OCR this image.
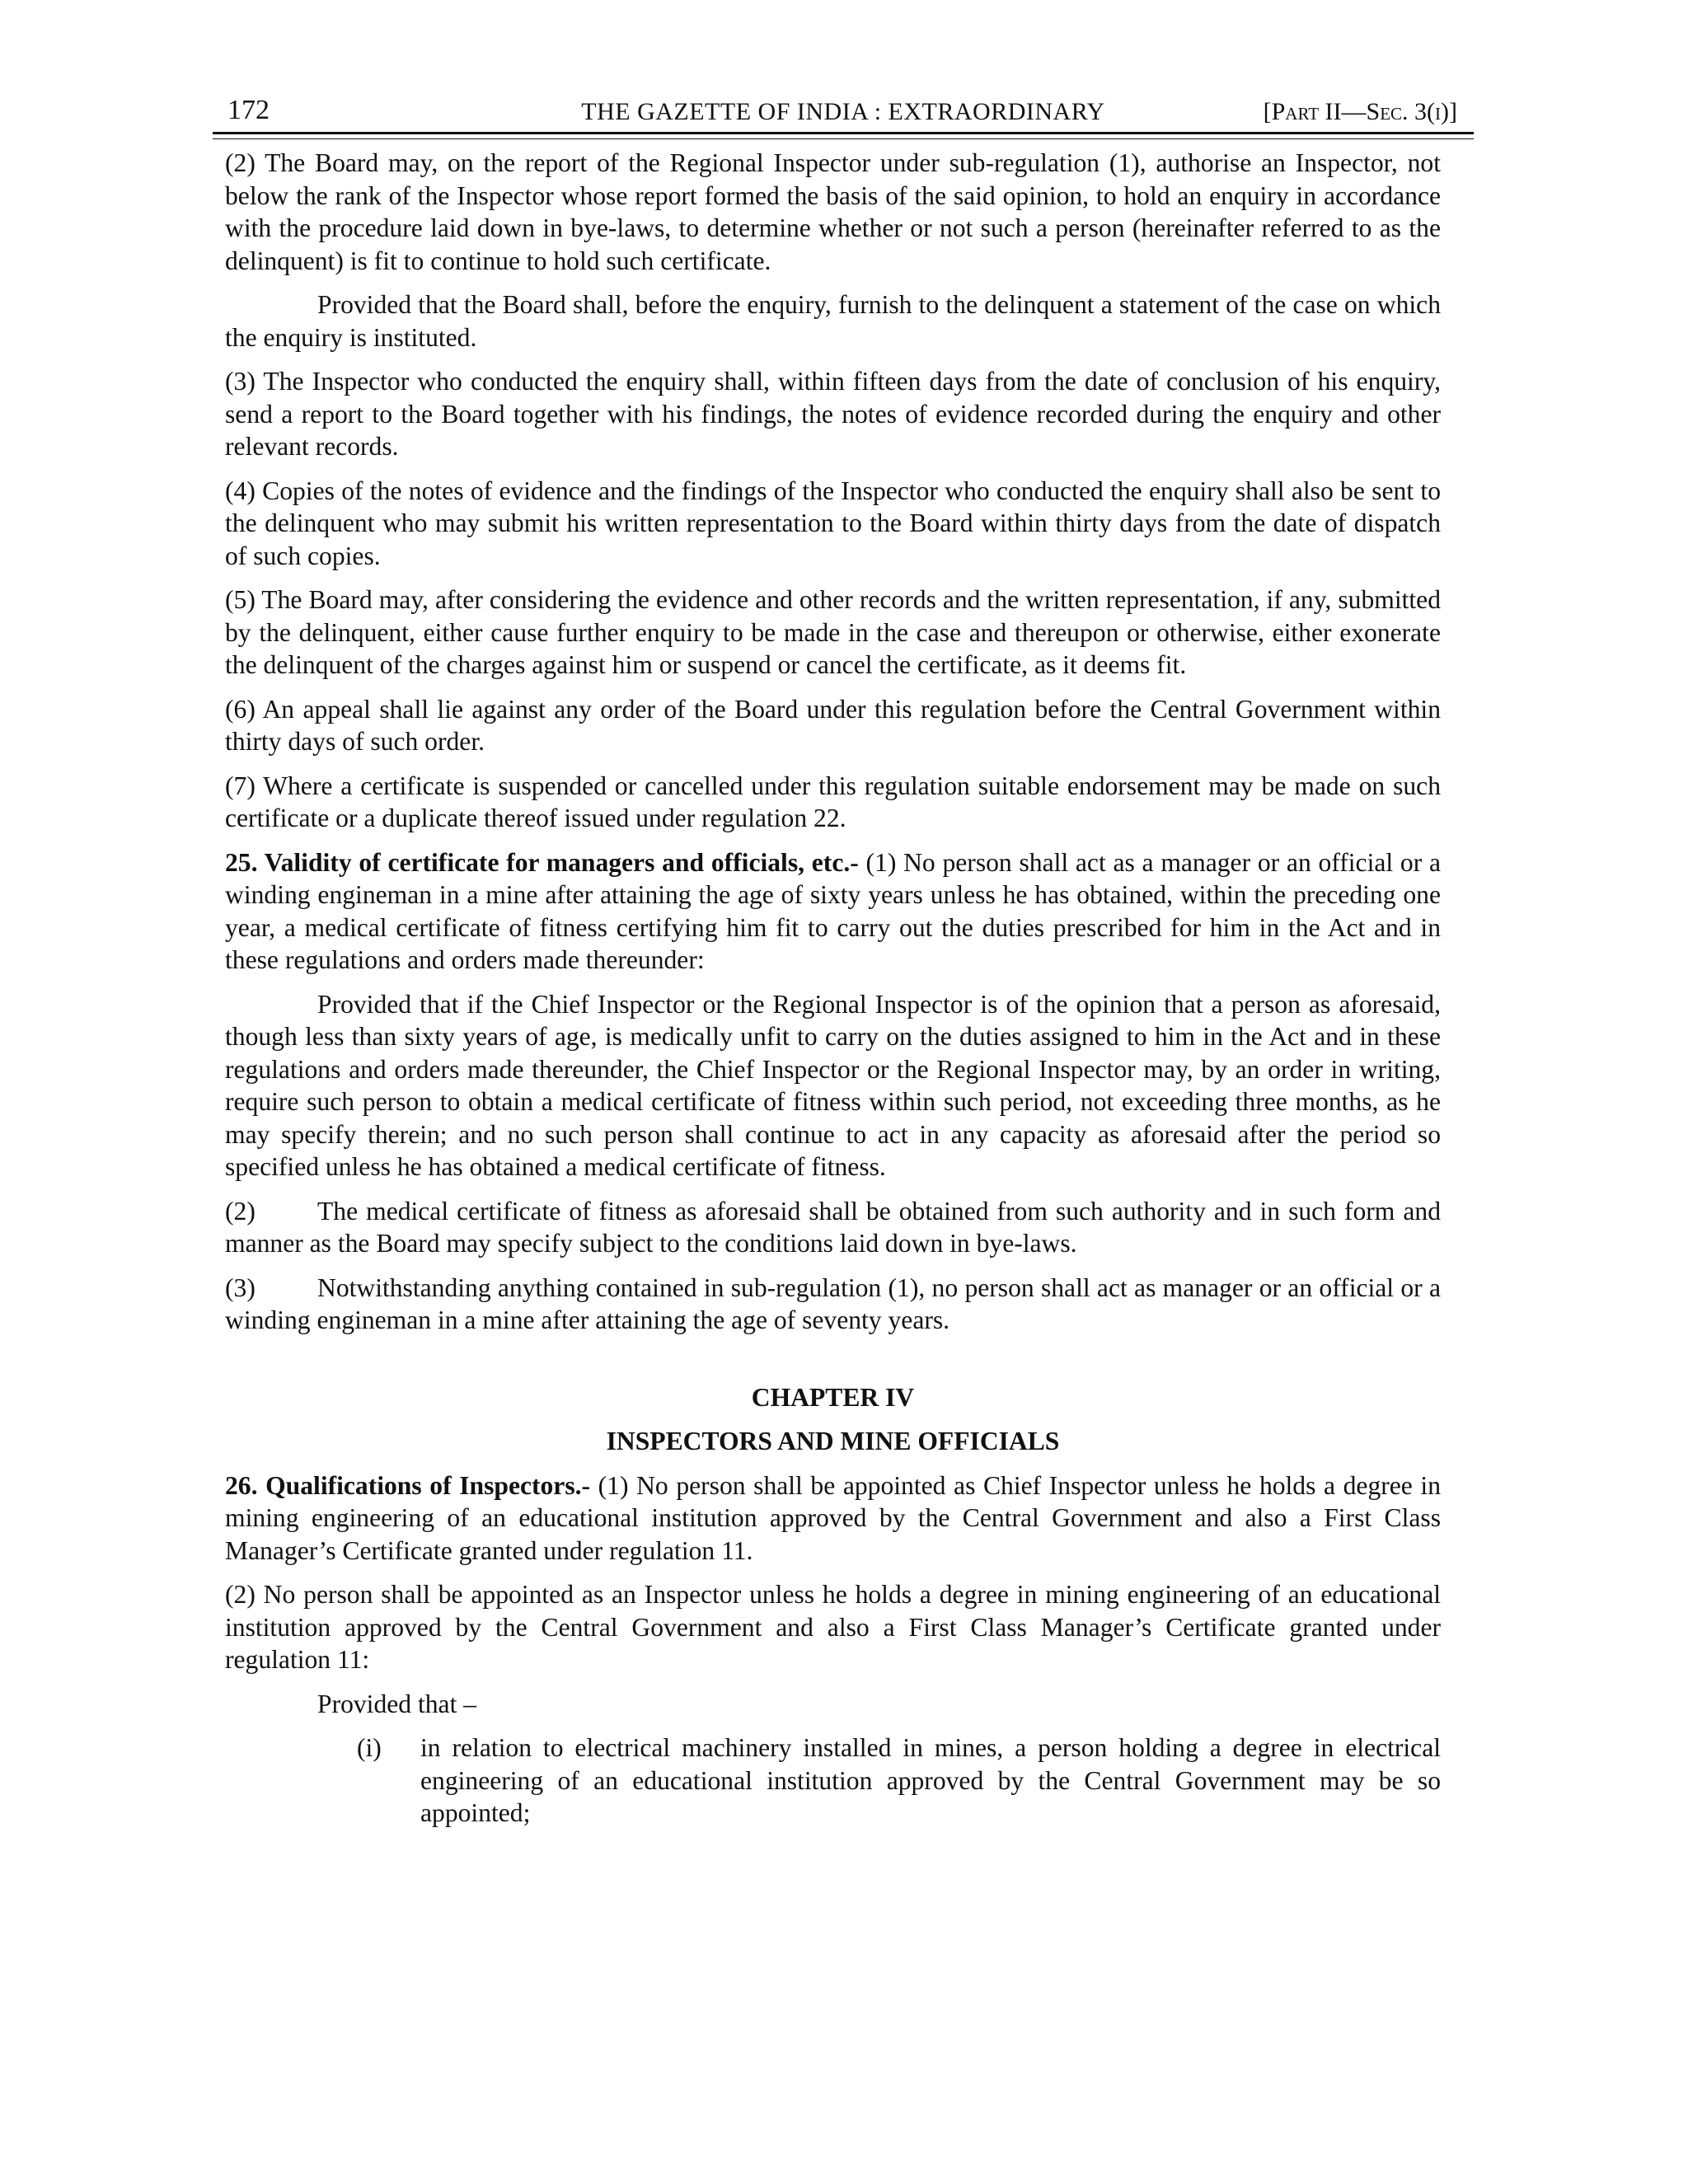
172	THE GAZETTE OF INDIA : EXTRAORDINARY	[Part II—Sec. 3(i)]

(2) The Board may, on the report of the Regional Inspector under sub-regulation (1), authorise an Inspector, not below the rank of the Inspector whose report formed the basis of the said opinion, to hold an enquiry in accordance with the procedure laid down in bye-laws, to determine whether or not such a person (hereinafter referred to as the delinquent) is fit to continue to hold such certificate.

Provided that the Board shall, before the enquiry, furnish to the delinquent a statement of the case on which the enquiry is instituted.

(3) The Inspector who conducted the enquiry shall, within fifteen days from the date of conclusion of his enquiry, send a report to the Board together with his findings, the notes of evidence recorded during the enquiry and other relevant records.

(4) Copies of the notes of evidence and the findings of the Inspector who conducted the enquiry shall also be sent to the delinquent who may submit his written representation to the Board within thirty days from the date of dispatch of such copies.

(5) The Board may, after considering the evidence and other records and the written representation, if any, submitted by the delinquent, either cause further enquiry to be made in the case and thereupon or otherwise, either exonerate the delinquent of the charges against him or suspend or cancel the certificate, as it deems fit.

(6) An appeal shall lie against any order of the Board under this regulation before the Central Government within thirty days of such order.

(7) Where a certificate is suspended or cancelled under this regulation suitable endorsement may be made on such certificate or a duplicate thereof issued under regulation 22.

25. Validity of certificate for managers and officials, etc.- (1) No person shall act as a manager or an official or a winding engineman in a mine after attaining the age of sixty years unless he has obtained, within the preceding one year, a medical certificate of fitness certifying him fit to carry out the duties prescribed for him in the Act and in these regulations and orders made thereunder:

Provided that if the Chief Inspector or the Regional Inspector is of the opinion that a person as aforesaid, though less than sixty years of age, is medically unfit to carry on the duties assigned to him in the Act and in these regulations and orders made thereunder, the Chief Inspector or the Regional Inspector may, by an order in writing, require such person to obtain a medical certificate of fitness within such period, not exceeding three months, as he may specify therein; and no such person shall continue to act in any capacity as aforesaid after the period so specified unless he has obtained a medical certificate of fitness.

(2) The medical certificate of fitness as aforesaid shall be obtained from such authority and in such form and manner as the Board may specify subject to the conditions laid down in bye-laws.

(3) Notwithstanding anything contained in sub-regulation (1), no person shall act as manager or an official or a winding engineman in a mine after attaining the age of seventy years.

CHAPTER IV

INSPECTORS AND MINE OFFICIALS

26. Qualifications of Inspectors.- (1) No person shall be appointed as Chief Inspector unless he holds a degree in mining engineering of an educational institution approved by the Central Government and also a First Class Manager’s Certificate granted under regulation 11.

(2) No person shall be appointed as an Inspector unless he holds a degree in mining engineering of an educational institution approved by the Central Government and also a First Class Manager’s Certificate granted under regulation 11:

Provided that –

(i)	in relation to electrical machinery installed in mines, a person holding a degree in electrical engineering of an educational institution approved by the Central Government may be so appointed;
